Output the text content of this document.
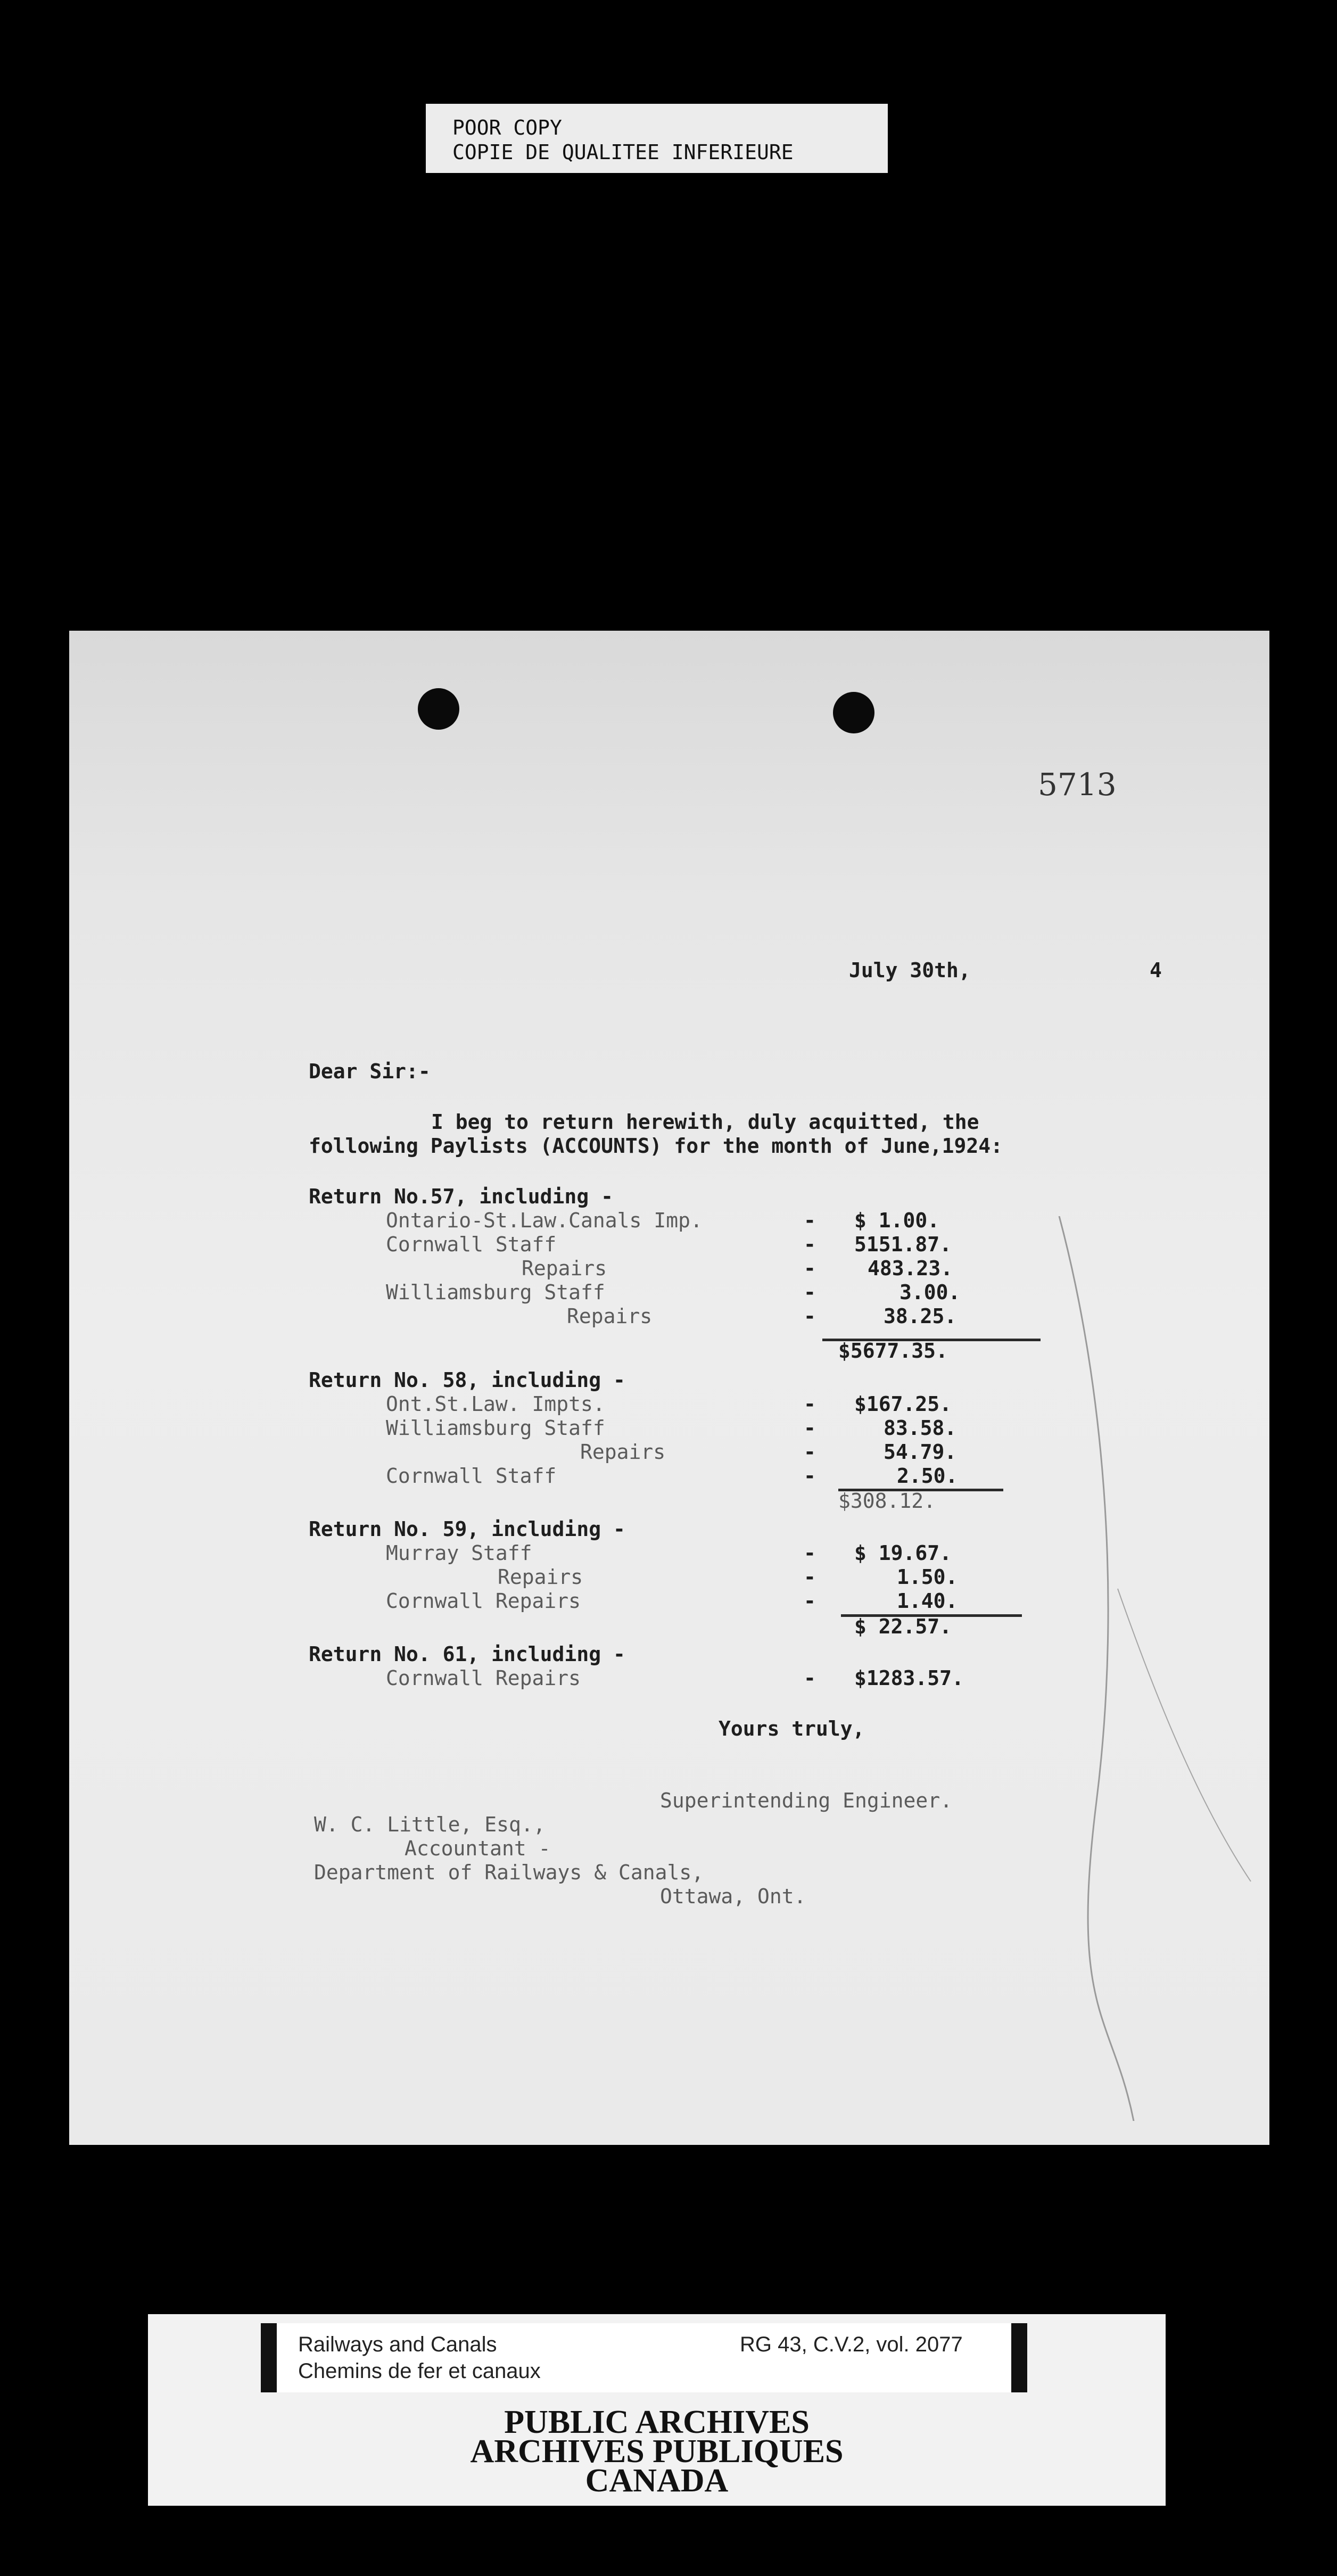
POOR COPY
COPIE DE QUALITEE INFERIEURE
5713
July 30th,	4
Dear Sir:-
I beg to return herewith, duly acquitted, the
following Paylists (ACCOUNTS) for the month of June,1924:
Return No.57, including -
Ontario-St.Law.Canals Imp.	- $ 1.00.
Cornwall Staff	- 5151.87.
Repairs	-	483.23.
Williamsburg Staff	-	3.00.
Repairs	-	38.25.
$5677.35.
Return No. 58, including -
Ont.St.Law. Impts.	- $167.25.
Williamsburg Staff	-	83.58.
Repairs	-	54.79.
Cornwall Staff	-	2.50.
$308.12.
Return No. 59, including -
Murray Staff	- $ 19.67.
Repairs	-	1.50.
Cornwall Repairs	-	1.40.
$ 22.57.
Return No. 61, including -
Cornwall Repairs	- $1283.57.
Yours truly,
Superintending Engineer.
W. C. Little, Esq.,
Accountant -
Department of Railways & Canals,
Ottawa, Ont.
Railways and Canals
Chemins de fer et canaux
RG 43, C.V.2, vol. 2077
PUBLIC ARCHIVES
ARCHIVES PUBLIQUES
CANADA
